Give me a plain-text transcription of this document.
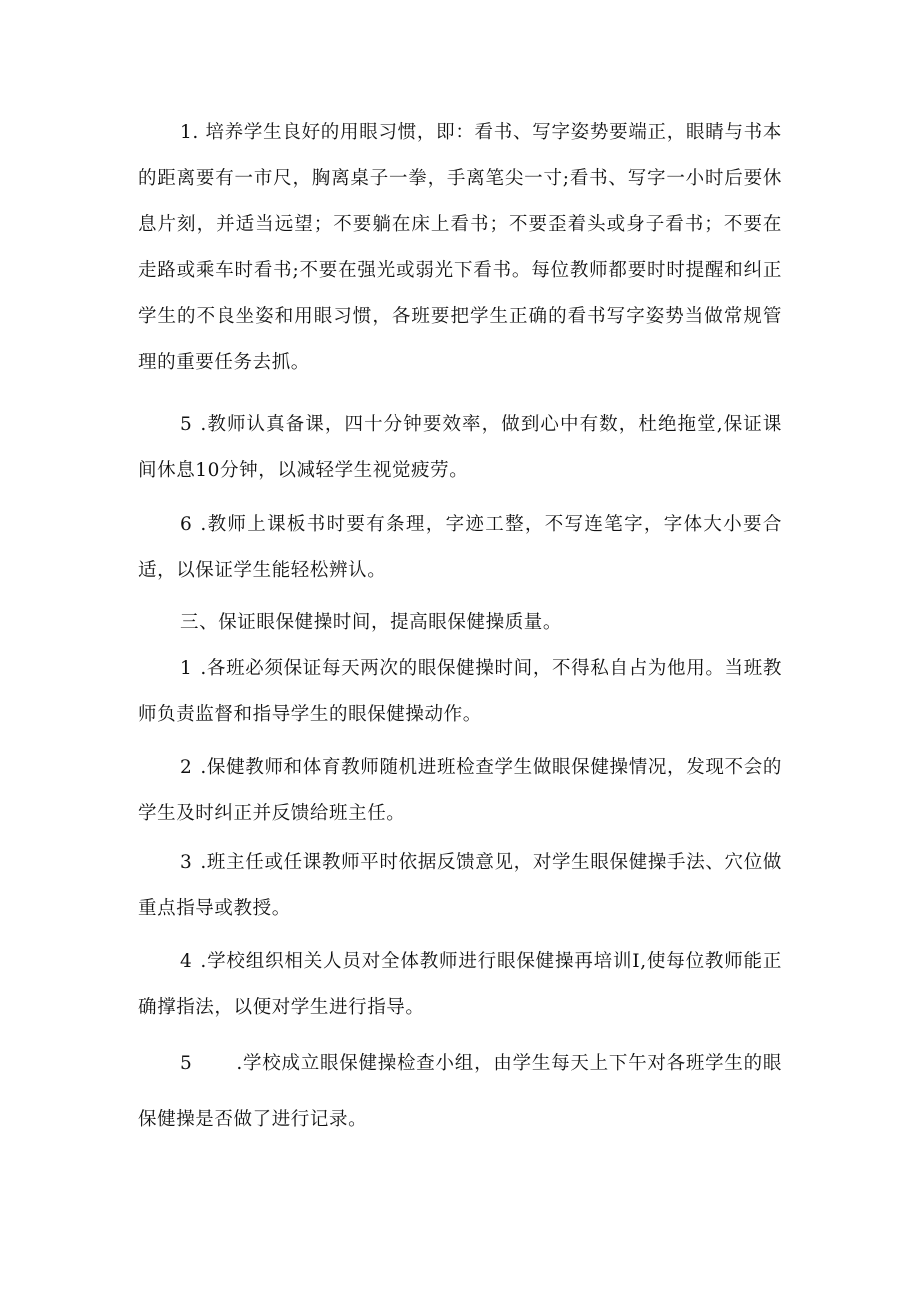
1. 培养学生良好的用眼习惯，即：看书、写字姿势要端正，眼睛与书本的距离要有一市尺，胸离桌子一拳，手离笔尖一寸;看书、写字一小时后要休息片刻，并适当远望；不要躺在床上看书；不要歪着头或身子看书；不要在走路或乘车时看书;不要在强光或弱光下看书。每位教师都要时时提醒和纠正学生的不良坐姿和用眼习惯，各班要把学生正确的看书写字姿势当做常规管理的重要任务去抓。

5 .教师认真备课，四十分钟要效率，做到心中有数，杜绝拖堂,保证课间休息10分钟，以减轻学生视觉疲劳。

6 .教师上课板书时要有条理，字迹工整，不写连笔字，字体大小要合适，以保证学生能轻松辨认。

三、保证眼保健操时间，提高眼保健操质量。

1 .各班必须保证每天两次的眼保健操时间，不得私自占为他用。当班教师负责监督和指导学生的眼保健操动作。

2 .保健教师和体育教师随机进班检查学生做眼保健操情况，发现不会的学生及时纠正并反馈给班主任。

3 .班主任或任课教师平时依据反馈意见，对学生眼保健操手法、穴位做重点指导或教授。

4 .学校组织相关人员对全体教师进行眼保健操再培训I,使每位教师能正确撑指法，以便对学生进行指导。

5 .学校成立眼保健操检查小组，由学生每天上下午对各班学生的眼保健操是否做了进行记录。
